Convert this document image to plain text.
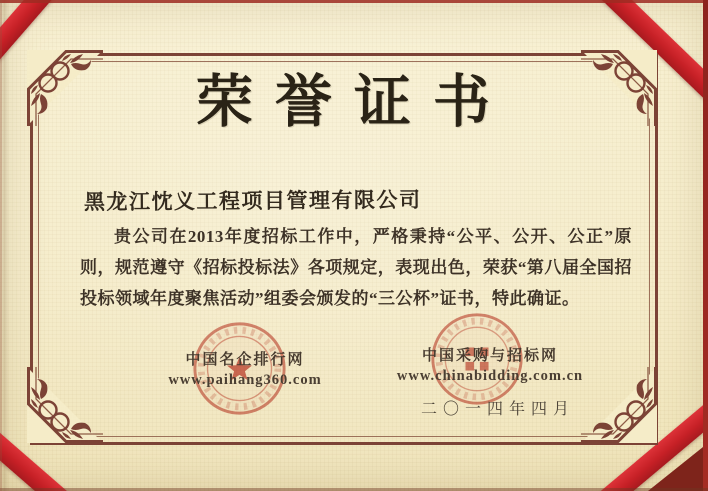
荣誉证书
黑龙江忱义工程项目管理有限公司

贵公司在2013年度招标工作中，严格秉持“公平、公开、公正”原则，规范遵守《招标投标法》各项规定，表现出色，荣获“第八届全国招投标领域年度聚焦活动”组委会颁发的“三公杯”证书，特此确证。

中国名企排行网
www.paihang360.com
中国采购与招标网
www.chinabidding.com.cn
二〇一四年四月
